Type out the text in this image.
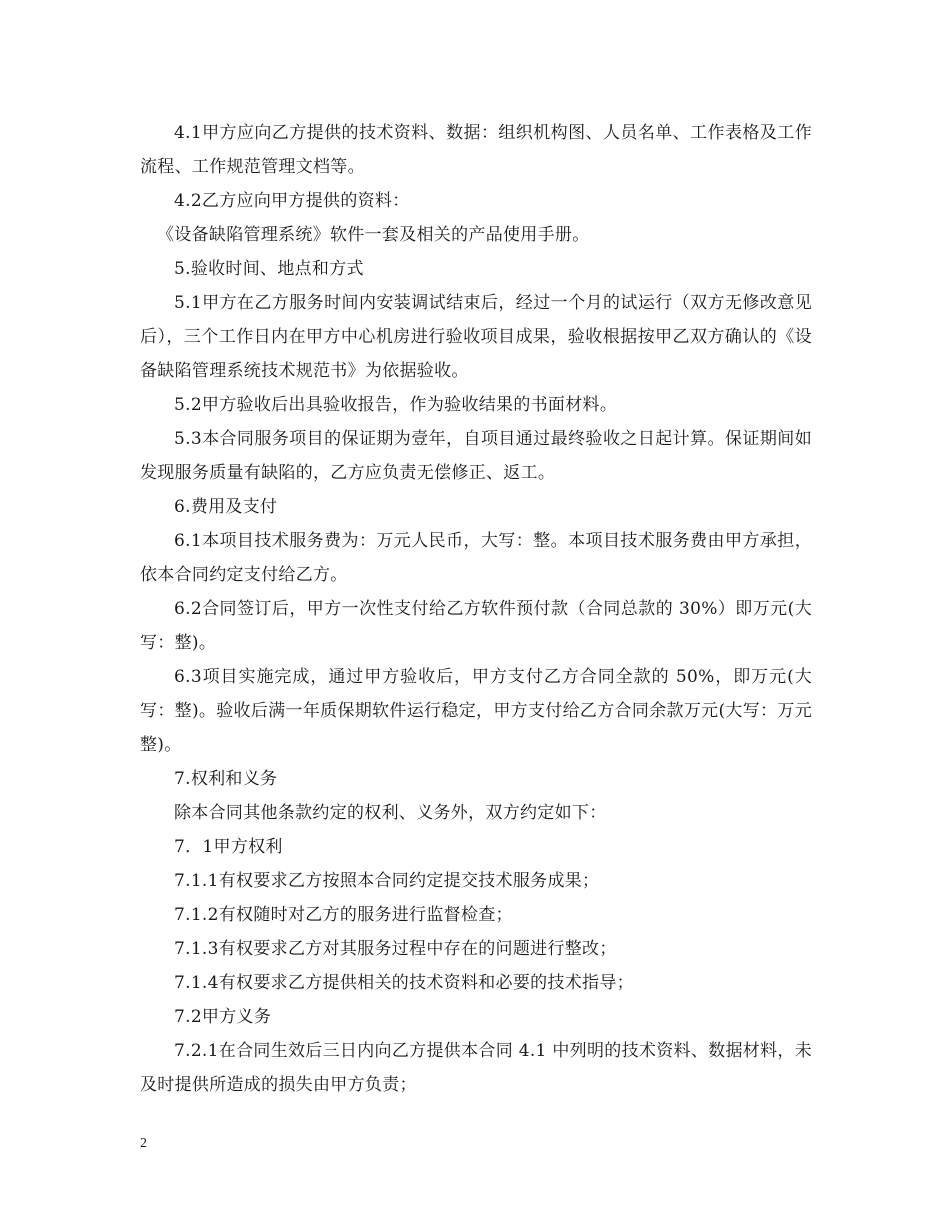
4.1甲方应向乙方提供的技术资料、数据：组织机构图、人员名单、工作表格及工作流程、工作规范管理文档等。

4.2乙方应向甲方提供的资料：

《设备缺陷管理系统》软件一套及相关的产品使用手册。

5.验收时间、地点和方式

5.1甲方在乙方服务时间内安装调试结束后，经过一个月的试运行（双方无修改意见后），三个工作日内在甲方中心机房进行验收项目成果，验收根据按甲乙双方确认的《设备缺陷管理系统技术规范书》为依据验收。

5.2甲方验收后出具验收报告，作为验收结果的书面材料。

5.3本合同服务项目的保证期为壹年，自项目通过最终验收之日起计算。保证期间如发现服务质量有缺陷的，乙方应负责无偿修正、返工。

6.费用及支付

6.1本项目技术服务费为：万元人民币，大写：整。本项目技术服务费由甲方承担，依本合同约定支付给乙方。

6.2合同签订后，甲方一次性支付给乙方软件预付款（合同总款的 30%）即万元(大写：整)。

6.3项目实施完成，通过甲方验收后，甲方支付乙方合同全款的 50%，即万元(大写：整)。验收后满一年质保期软件运行稳定，甲方支付给乙方合同余款万元(大写：万元整)。

7.权利和义务

除本合同其他条款约定的权利、义务外，双方约定如下：

7．1甲方权利

7.1.1有权要求乙方按照本合同约定提交技术服务成果；

7.1.2有权随时对乙方的服务进行监督检查；

7.1.3有权要求乙方对其服务过程中存在的问题进行整改；

7.1.4有权要求乙方提供相关的技术资料和必要的技术指导；

7.2甲方义务

7.2.1在合同生效后三日内向乙方提供本合同 4.1 中列明的技术资料、数据材料，未及时提供所造成的损失由甲方负责；

2
